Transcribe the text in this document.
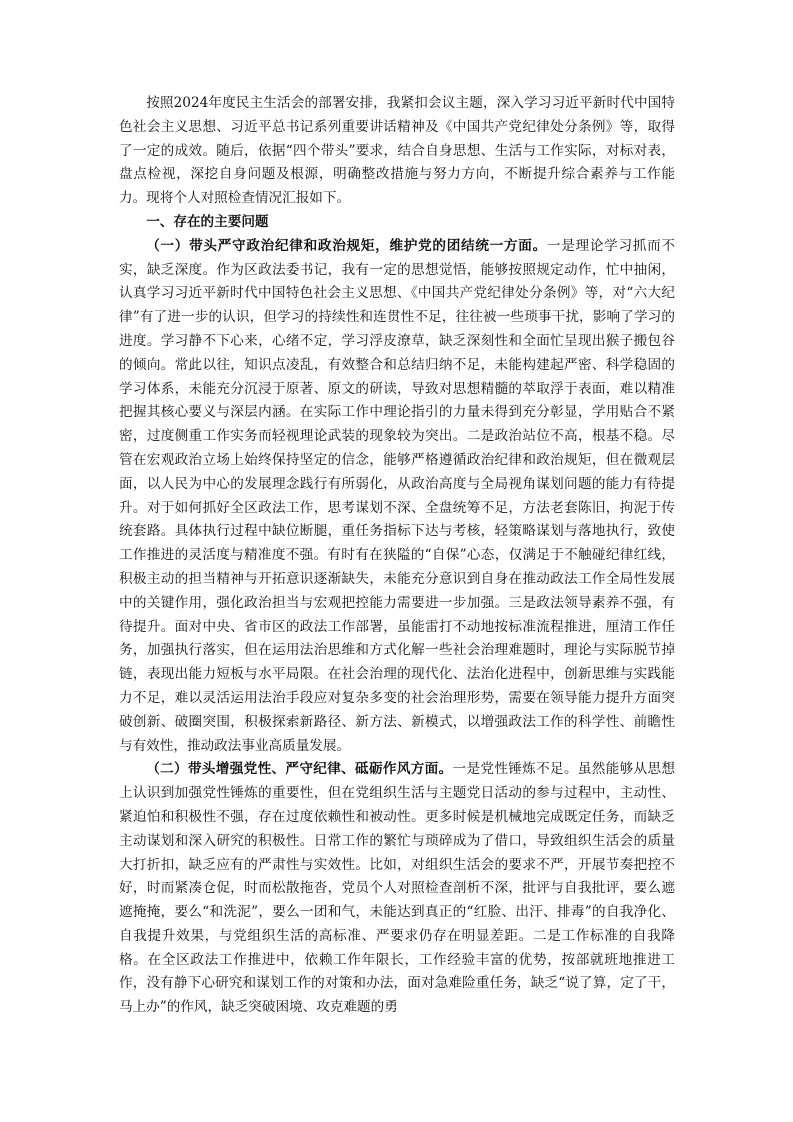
按照2024年度民主生活会的部署安排，我紧扣会议主题，深入学习习近平新时代中国特色社会主义思想、习近平总书记系列重要讲话精神及《中国共产党纪律处分条例》等，取得了一定的成效。随后，依据“四个带头”要求，结合自身思想、生活与工作实际，对标对表，盘点检视，深挖自身问题及根源，明确整改措施与努力方向，不断提升综合素养与工作能力。现将个人对照检查情况汇报如下。

一、存在的主要问题

（一）带头严守政治纪律和政治规矩，维护党的团结统一方面。一是理论学习抓而不实，缺乏深度。作为区政法委书记，我有一定的思想觉悟，能够按照规定动作，忙中抽闲，认真学习习近平新时代中国特色社会主义思想、《中国共产党纪律处分条例》等，对“六大纪律”有了进一步的认识，但学习的持续性和连贯性不足，往往被一些琐事干扰，影响了学习的进度。学习静不下心来，心绪不定，学习浮皮潦草，缺乏深刻性和全面忙呈现出猴子搬包谷的倾向。常此以往，知识点凌乱，有效整合和总结归纳不足，未能构建起严密、科学稳固的学习体系，未能充分沉浸于原著、原文的研读，导致对思想精髓的萃取浮于表面，难以精准把握其核心要义与深层内涵。在实际工作中理论指引的力量未得到充分彰显，学用贴合不紧密，过度侧重工作实务而轻视理论武装的现象较为突出。二是政治站位不高，根基不稳。尽管在宏观政治立场上始终保持坚定的信念，能够严格遵循政治纪律和政治规矩，但在微观层面，以人民为中心的发展理念践行有所弱化，从政治高度与全局视角谋划问题的能力有待提升。对于如何抓好全区政法工作，思考谋划不深、全盘统筹不足，方法老套陈旧，拘泥于传统套路。具体执行过程中缺位断腿，重任务指标下达与考核，轻策略谋划与落地执行，致使工作推进的灵活度与精准度不强。有时有在狭隘的“自保”心态，仅满足于不触碰纪律红线，积极主动的担当精神与开拓意识逐渐缺失，未能充分意识到自身在推动政法工作全局性发展中的关键作用，强化政治担当与宏观把控能力需要进一步加强。三是政法领导素养不强，有待提升。面对中央、省市区的政法工作部署，虽能雷打不动地按标准流程推进，厘清工作任务，加强执行落实，但在运用法治思维和方式化解一些社会治理难题时，理论与实际脱节掉链，表现出能力短板与水平局限。在社会治理的现代化、法治化进程中，创新思维与实践能力不足，难以灵活运用法治手段应对复杂多变的社会治理形势，需要在领导能力提升方面突破创新、破圈突围，积极探索新路径、新方法、新模式，以增强政法工作的科学性、前瞻性与有效性，推动政法事业高质量发展。

（二）带头增强党性、严守纪律、砥砺作风方面。一是党性锤炼不足。虽然能够从思想上认识到加强党性锤炼的重要性，但在党组织生活与主题党日活动的参与过程中，主动性、紧迫怕和积极性不强，存在过度依赖性和被动性。更多时候是机械地完成既定任务，而缺乏主动谋划和深入研究的积极性。日常工作的繁忙与琐碎成为了借口，导致组织生活会的质量大打折扣，缺乏应有的严肃性与实效性。比如，对组织生活会的要求不严，开展节奏把控不好，时而紧凑仓促，时而松散拖沓，党员个人对照检查剖析不深，批评与自我批评，要么遮遮掩掩，要么“和洗泥”，要么一团和气，未能达到真正的“红脸、出汗、排毒”的自我净化、自我提升效果，与党组织生活的高标准、严要求仍存在明显差距。二是工作标准的自我降格。在全区政法工作推进中，依赖工作年限长，工作经验丰富的优势，按部就班地推进工作，没有静下心研究和谋划工作的对策和办法，面对急难险重任务，缺乏“说了算，定了干，马上办”的作风，缺乏突破困境、攻克难题的勇
